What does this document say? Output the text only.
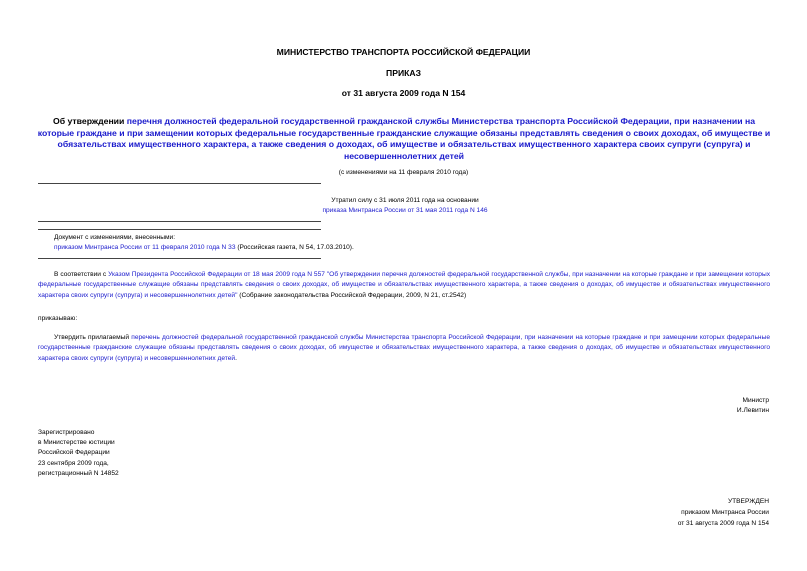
МИНИСТЕРСТВО ТРАНСПОРТА РОССИЙСКОЙ ФЕДЕРАЦИИ
ПРИКАЗ
от 31 августа 2009 года N 154
Об утверждении перечня должностей федеральной государственной гражданской службы Министерства транспорта Российской Федерации, при назначении на которые граждане и при замещении которых федеральные государственные гражданские служащие обязаны представлять сведения о своих доходах, об имуществе и обязательствах имущественного характера, а также сведения о доходах, об имуществе и обязательствах имущественного характера своих супруги (супруга) и несовершеннолетних детей
(с изменениями на 11 февраля 2010 года)
Утратил силу с 31 июля 2011 года на основании
приказа Минтранса России от 31 мая 2011 года N 146
Документ с изменениями, внесенными:
приказом Минтранса России от 11 февраля 2010 года N 33 (Российская газета, N 54, 17.03.2010).
В соответствии с Указом Президента Российской Федерации от 18 мая 2009 года N 557 "Об утверждении перечня должностей федеральной государственной службы, при назначении на которые граждане и при замещении которых федеральные государственные служащие обязаны представлять сведения о своих доходах, об имуществе и обязательствах имущественного характера, а также сведения о доходах, об имуществе и обязательствах имущественного характера своих супруги (супруга) и несовершеннолетних детей" (Собрание законодательства Российской Федерации, 2009, N 21, ст.2542)
приказываю:
Утвердить прилагаемый перечень должностей федеральной государственной гражданской службы Министерства транспорта Российской Федерации, при назначении на которые граждане и при замещении которых федеральные государственные гражданские служащие обязаны представлять сведения о своих доходах, об имуществе и обязательствах имущественного характера, а также сведения о доходах, об имуществе и обязательствах имущественного характера своих супруги (супруга) и несовершеннолетних детей.
Министр
И.Левитин
Зарегистрировано
в Министерстве юстиции
Российской Федерации
23 сентября 2009 года,
регистрационный N 14852
УТВЕРЖДЕН
приказом Минтранса России
от 31 августа 2009 года N 154
